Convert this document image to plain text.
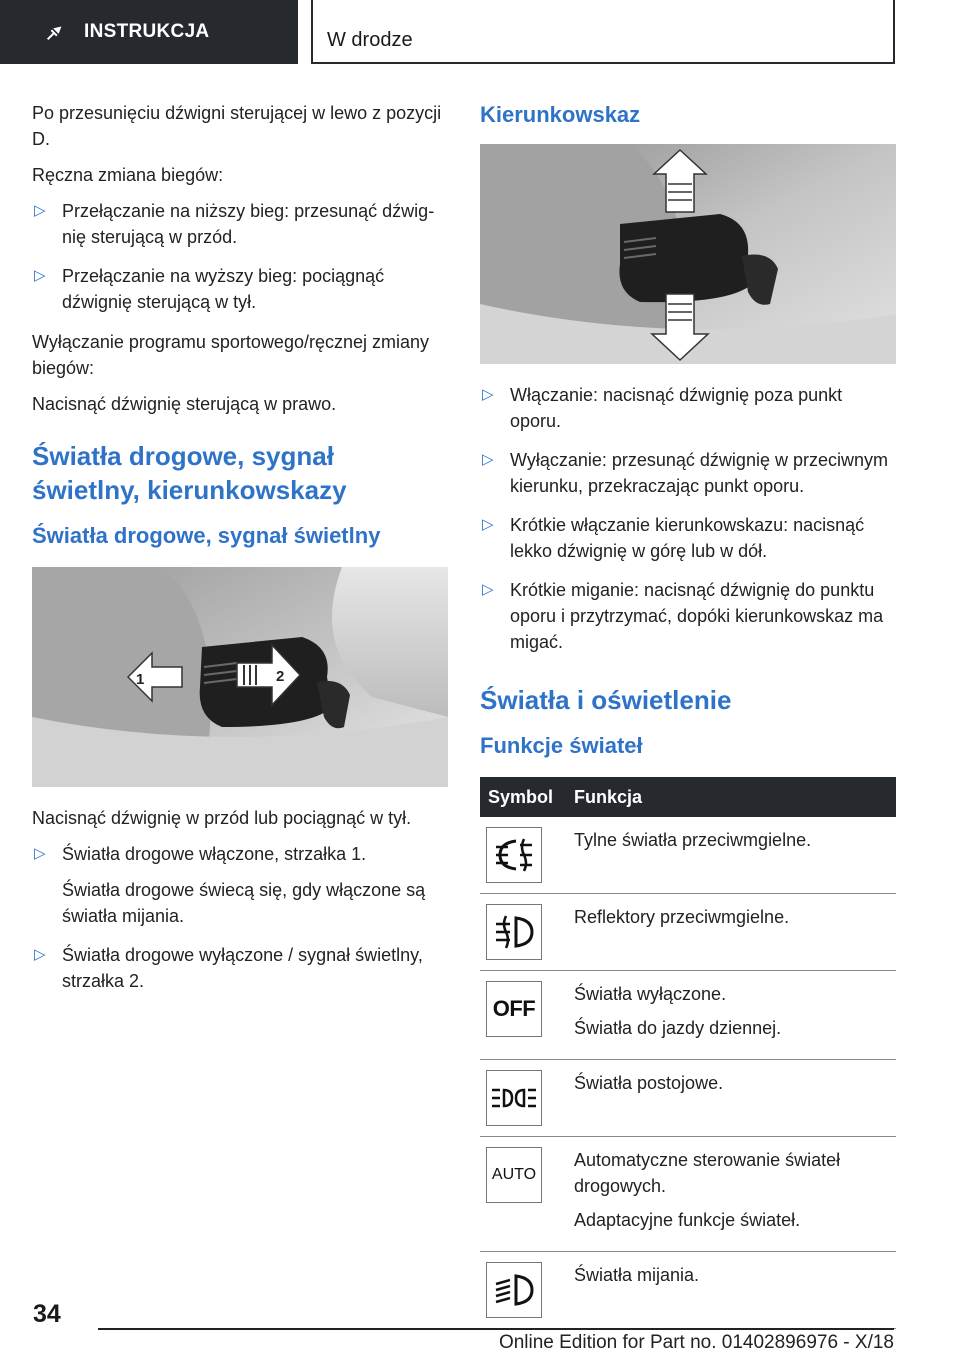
INSTRUKCJA	W drodze

Po przesunięciu dźwigni sterującej w lewo z pozycji D.

Ręczna zmiana biegów:

▷ Przełączanie na niższy bieg: przesunąć dźwignię sterującą w przód.
▷ Przełączanie na wyższy bieg: pociągnąć dźwignię sterującą w tył.

Wyłączanie programu sportowego/ręcznej zmiany biegów:

Nacisnąć dźwignię sterującą w prawo.

Światła drogowe, sygnał świetlny, kierunkowskazy
Światła drogowe, sygnał świetlny
1	2

Nacisnąć dźwignię w przód lub pociągnąć w tył.

▷ Światła drogowe włączone, strzałka 1.

Światła drogowe świecą się, gdy włączone są światła mijania.

▷ Światła drogowe wyłączone / sygnał świetlny, strzałka 2.
Kierunkowskaz
▷ Włączanie: nacisnąć dźwignię poza punkt oporu.
▷ Wyłączanie: przesunąć dźwignię w przeciwnym kierunku, przekraczając punkt oporu.
▷ Krótkie włączanie kierunkowskazu: nacisnąć lekko dźwignię w górę lub w dół.
▷ Krótkie miganie: nacisnąć dźwignię do punktu oporu i przytrzymać, dopóki kierunkowskaz ma migać.
Światła i oświetlenie
Funkcje świateł
Symbol	Funkcja

Tylne światła przeciwmgielne.

Reflektory przeciwmgielne.

OFF	Światła wyłączone.

Światła do jazdy dziennej.

Światła postojowe.

AUTO	Automatyczne sterowanie świateł drogowych.

Adaptacyjne funkcje świateł.

Światła mijania.

34
Online Edition for Part no. 01402896976 - X/18
